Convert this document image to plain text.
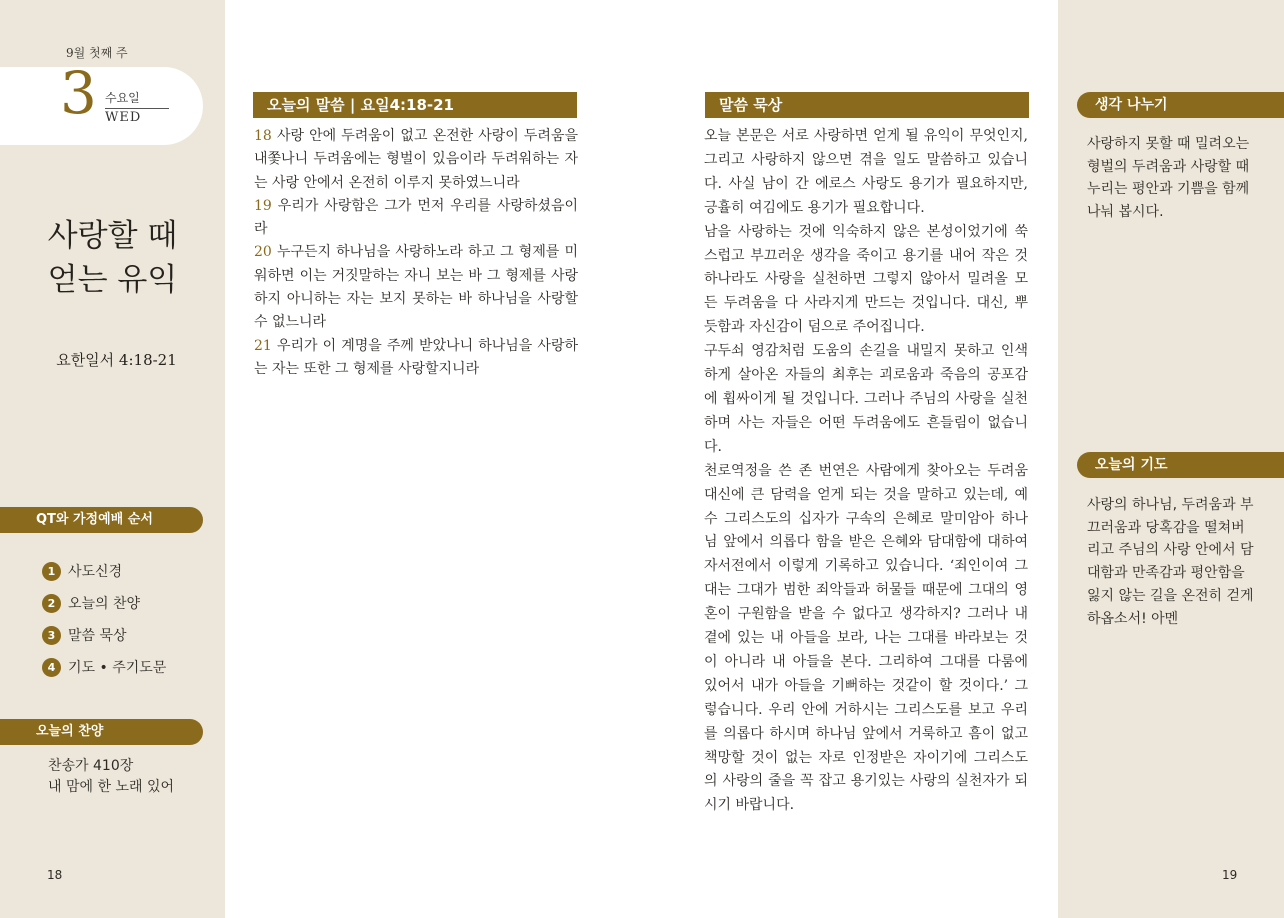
9월 첫째 주
3 수요일
WED
사랑할 때
얻는 유익
요한일서 4:18-21
QT와 가정예배 순서
1 사도신경
2 오늘의 찬양
3 말씀 묵상
4 기도 • 주기도문
오늘의 찬양
찬송가 410장
내 맘에 한 노래 있어
18
오늘의 말씀 | 요일4:18-21
18 사랑 안에 두려움이 없고 온전한 사랑이 두려움을 내쫓나니 두려움에는 형벌이 있음이라 두려워하는 자는 사랑 안에서 온전히 이루지 못하였느니라
19 우리가 사랑함은 그가 먼저 우리를 사랑하셨음이라
20 누구든지 하나님을 사랑하노라 하고 그 형제를 미워하면 이는 거짓말하는 자니 보는 바 그 형제를 사랑하지 아니하는 자는 보지 못하는 바 하나님을 사랑할 수 없느니라
21 우리가 이 계명을 주께 받았나니 하나님을 사랑하는 자는 또한 그 형제를 사랑할지니라
말씀 묵상

오늘 본문은 서로 사랑하면 얻게 될 유익이 무엇인지, 그리고 사랑하지 않으면 겪을 일도 말씀하고 있습니다. 사실 남이 간 에로스 사랑도 용기가 필요하지만, 긍휼히 여김에도 용기가 필요합니다.

남을 사랑하는 것에 익숙하지 않은 본성이었기에 쑥스럽고 부끄러운 생각을 죽이고 용기를 내어 작은 것 하나라도 사랑을 실천하면 그렇지 않아서 밀려올 모든 두려움을 다 사라지게 만드는 것입니다. 대신, 뿌듯함과 자신감이 덤으로 주어집니다.

구두쇠 영감처럼 도움의 손길을 내밀지 못하고 인색하게 살아온 자들의 최후는 괴로움과 죽음의 공포감에 휩싸이게 될 것입니다. 그러나 주님의 사랑을 실천하며 사는 자들은 어떤 두려움에도 흔들림이 없습니다.

천로역정을 쓴 존 번연은 사람에게 찾아오는 두려움 대신에 큰 담력을 얻게 되는 것을 말하고 있는데, 예수 그리스도의 십자가 구속의 은혜로 말미암아 하나님 앞에서 의롭다 함을 받은 은혜와 담대함에 대하여 자서전에서 이렇게 기록하고 있습니다. ‘죄인이여 그대는 그대가 범한 죄악들과 허물들 때문에 그대의 영혼이 구원함을 받을 수 없다고 생각하지? 그러나 내 곁에 있는 내 아들을 보라, 나는 그대를 바라보는 것이 아니라 내 아들을 본다. 그리하여 그대를 다룸에 있어서 내가 아들을 기뻐하는 것같이 할 것이다.’ 그렇습니다. 우리 안에 거하시는 그리스도를 보고 우리를 의롭다 하시며 하나님 앞에서 거룩하고 흠이 없고 책망할 것이 없는 자로 인정받은 자이기에 그리스도의 사랑의 줄을 꼭 잡고 용기있는 사랑의 실천자가 되시기 바랍니다.

생각 나누기
사랑하지 못할 때 밀려오는 형벌의 두려움과 사랑할 때 누리는 평안과 기쁨을 함께 나눠 봅시다.
오늘의 기도
사랑의 하나님, 두려움과 부끄러움과 당혹감을 떨쳐버리고 주님의 사랑 안에서 담대함과 만족감과 평안함을 잃지 않는 길을 온전히 걷게 하옵소서! 아멘
19
